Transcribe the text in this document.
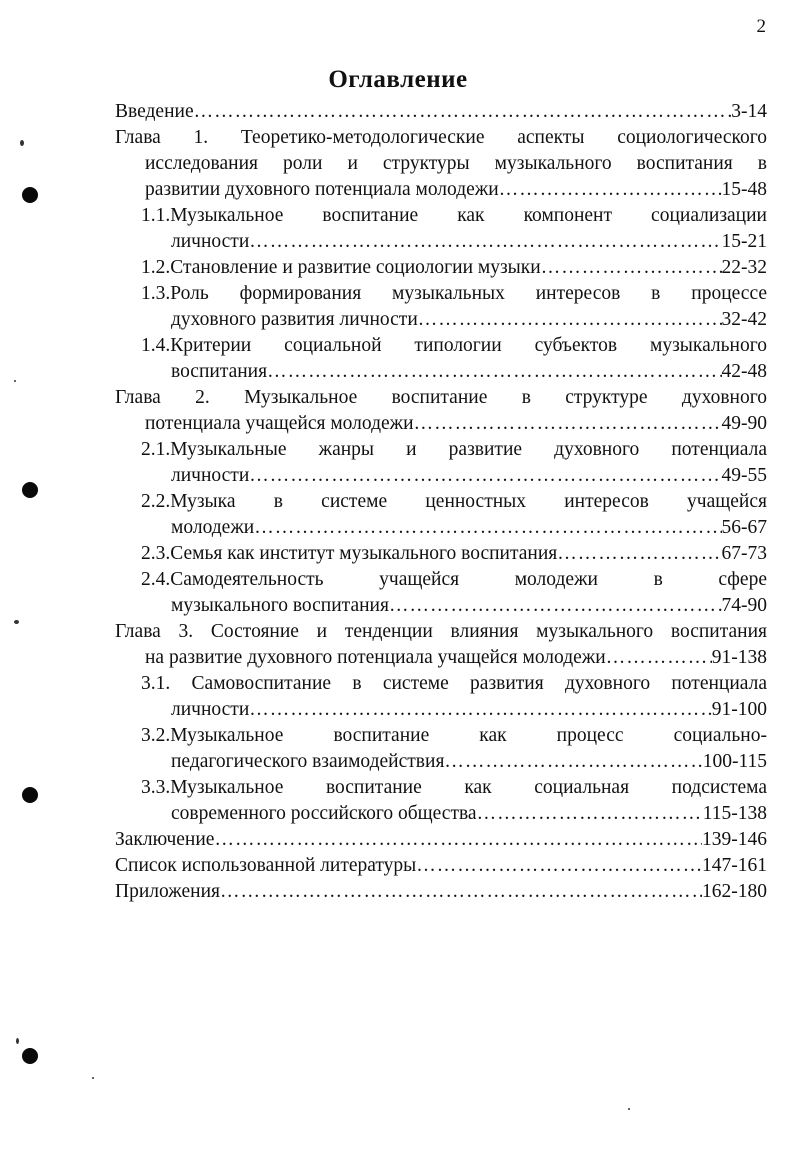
2
Оглавление
Введение ……………………………………………………………………………………………………………………………………………………	3-14
Глава 1. Теоретико-методологические аспекты социологического
исследования роли и структуры музыкального воспитания в
развитии духовного потенциала молодежи ……………………………………………………………………………………………………………………………………………………	15-48
1.1.Музыкальное воспитание как компонент социализации
личности ……………………………………………………………………………………………………………………………………………………	15-21
1.2.Становление и развитие социологии музыки ……………………………………………………………………………………………………………………………………………………	22-32
1.3.Роль формирования музыкальных интересов в процессе
духовного развития личности ……………………………………………………………………………………………………………………………………………………	32-42
1.4.Критерии социальной типологии субъектов музыкального
воспитания ……………………………………………………………………………………………………………………………………………………	42-48
Глава 2. Музыкальное воспитание в структуре духовного
потенциала учащейся молодежи ……………………………………………………………………………………………………………………………………………………	49-90
2.1.Музыкальные жанры и развитие духовного потенциала
личности ……………………………………………………………………………………………………………………………………………………	49-55
2.2.Музыка в системе ценностных интересов учащейся
молодежи ……………………………………………………………………………………………………………………………………………………	56-67
2.3.Семья как институт музыкального воспитания ……………………………………………………………………………………………………………………………………………………	67-73
2.4.Самодеятельность учащейся молодежи в сфере
музыкального воспитания ……………………………………………………………………………………………………………………………………………………	74-90
Глава 3. Состояние и тенденции влияния музыкального воспитания
на развитие духовного потенциала учащейся молодежи ……………………………………………………………………………………………………………………………………………………	91-138
3.1. Самовоспитание в системе развития духовного потенциала
личности ……………………………………………………………………………………………………………………………………………………	91-100
3.2.Музыкальное воспитание как процесс социально-
педагогического взаимодействия ……………………………………………………………………………………………………………………………………………………	100-115
3.3.Музыкальное воспитание как социальная подсистема
современного российского общества ……………………………………………………………………………………………………………………………………………………	115-138
Заключение ……………………………………………………………………………………………………………………………………………………	139-146
Список использованной литературы ……………………………………………………………………………………………………………………………………………………	147-161
Приложения ……………………………………………………………………………………………………………………………………………………	162-180
